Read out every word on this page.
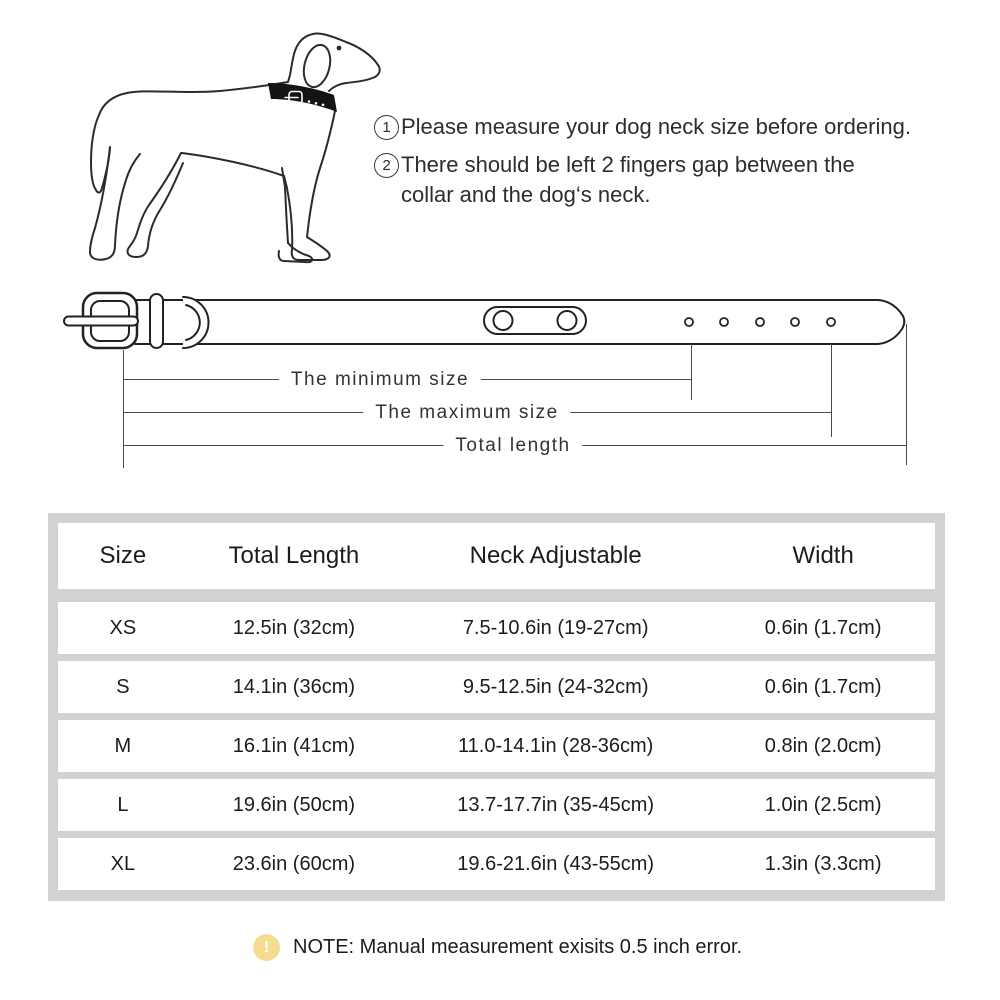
1 Please measure your dog neck size before ordering.
2 There should be left 2 fingers gap between the
collar and the dog‘s neck.
The minimum size
The maximum size
Total length
Size	Total Length	Neck Adjustable	Width
XS	12.5in (32cm)	7.5-10.6in (19-27cm)	0.6in (1.7cm)
S	14.1in (36cm)	9.5-12.5in (24-32cm)	0.6in (1.7cm)
M	16.1in (41cm)	11.0-14.1in (28-36cm)	0.8in (2.0cm)
L	19.6in (50cm)	13.7-17.7in (35-45cm)	1.0in (2.5cm)
XL	23.6in (60cm)	19.6-21.6in (43-55cm)	1.3in (3.3cm)
!	NOTE: Manual measurement exisits 0.5 inch error.
